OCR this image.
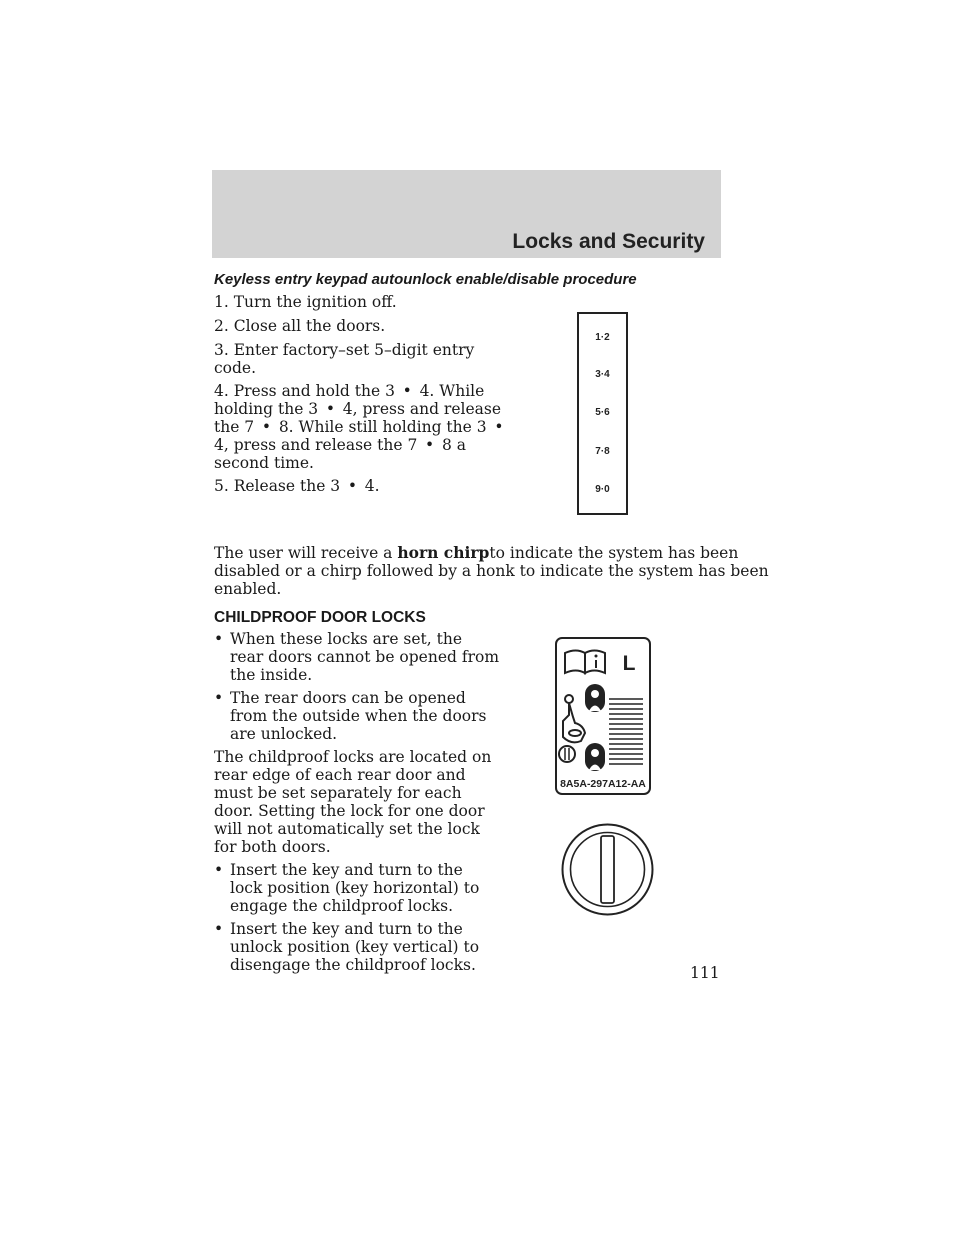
Locks and Security
Keyless entry keypad autounlock enable/disable procedure
1. Turn the ignition off.
2. Close all the doors.
3. Enter factory–set 5–digit entry
code.
4. Press and hold the 3 • 4. While
holding the 3 • 4, press and release
the 7 • 8. While still holding the 3 •
4, press and release the 7 • 8 a
second time.
5. Release the 3 • 4.
1·2
3·4
5·6
7·8
9·0
The user will receive a horn chirpto indicate the system has been
disabled or a chirp followed by a honk to indicate the system has been
enabled.
CHILDPROOF DOOR LOCKS
• When these locks are set, the
rear doors cannot be opened from
the inside.
• The rear doors can be opened
from the outside when the doors
are unlocked.
The childproof locks are located on
rear edge of each rear door and
must be set separately for each
door. Setting the lock for one door
will not automatically set the lock
for both doors.
• Insert the key and turn to the
lock position (key horizontal) to
engage the childproof locks.
• Insert the key and turn to the
unlock position (key vertical) to
disengage the childproof locks.
L
8A5A-297A12-AA
111
